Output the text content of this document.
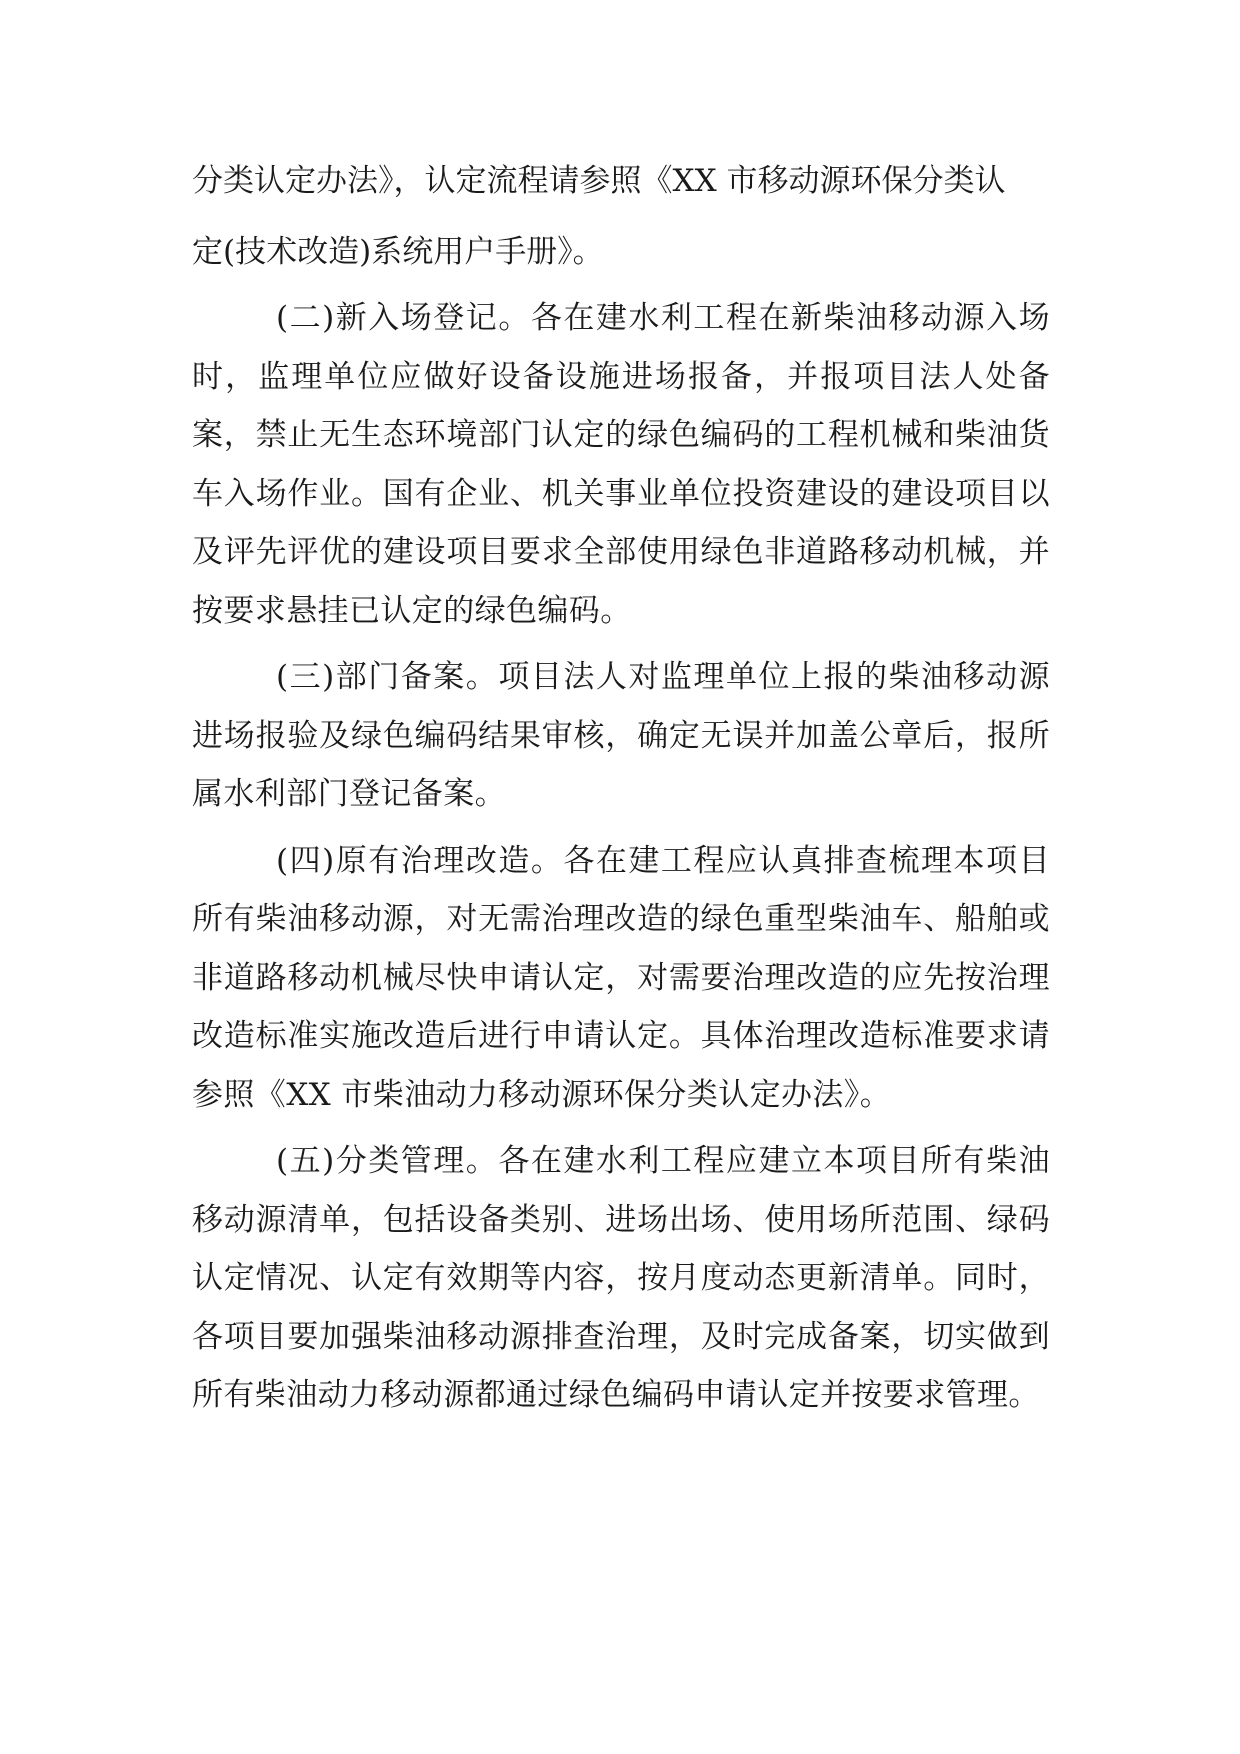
分类认定办法》，认定流程请参照《XX 市移动源环保分类认
定(技术改造)系统用户手册》。

(二)新入场登记。各在建水利工程在新柴油移动源入场时，监理单位应做好设备设施进场报备，并报项目法人处备案，禁止无生态环境部门认定的绿色编码的工程机械和柴油货车入场作业。国有企业、机关事业单位投资建设的建设项目以及评先评优的建设项目要求全部使用绿色非道路移动机械，并按要求悬挂已认定的绿色编码。

(三)部门备案。项目法人对监理单位上报的柴油移动源进场报验及绿色编码结果审核，确定无误并加盖公章后，报所属水利部门登记备案。

(四)原有治理改造。各在建工程应认真排查梳理本项目所有柴油移动源，对无需治理改造的绿色重型柴油车、船舶或非道路移动机械尽快申请认定，对需要治理改造的应先按治理改造标准实施改造后进行申请认定。具体治理改造标准要求请参照《XX 市柴油动力移动源环保分类认定办法》。

(五)分类管理。各在建水利工程应建立本项目所有柴油移动源清单，包括设备类别、进场出场、使用场所范围、绿码认定情况、认定有效期等内容，按月度动态更新清单。同时，各项目要加强柴油移动源排查治理，及时完成备案，切实做到所有柴油动力移动源都通过绿色编码申请认定并按要求管理。
